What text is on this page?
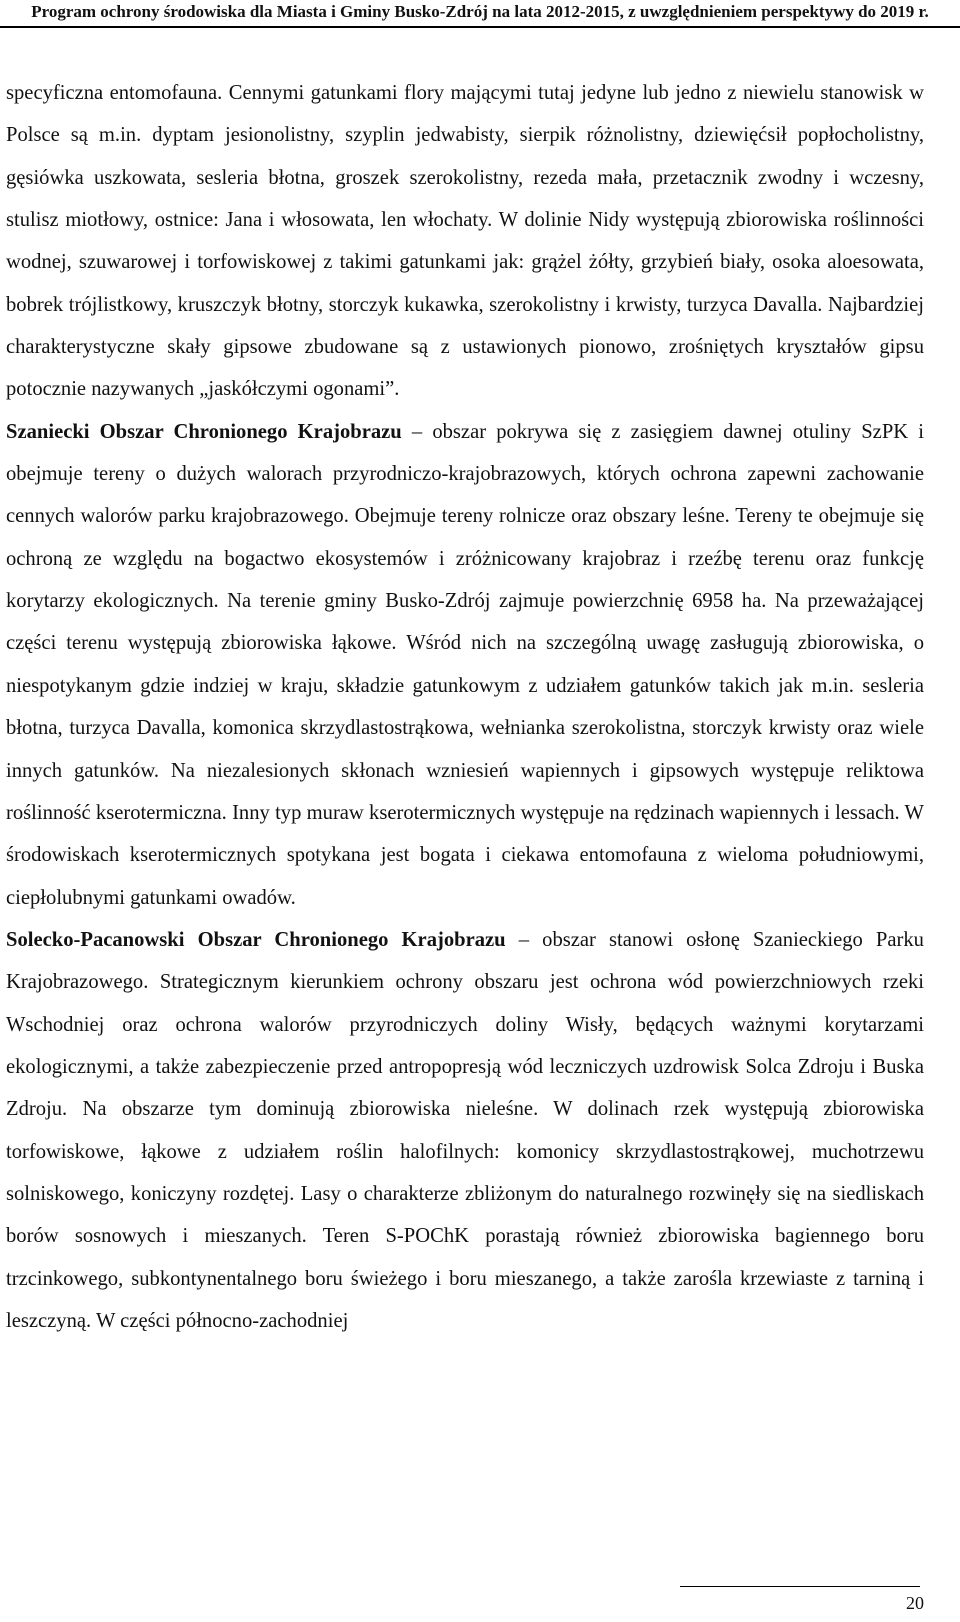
Program ochrony środowiska dla Miasta i Gminy Busko-Zdrój na lata 2012-2015, z uwzględnieniem perspektywy do 2019 r.

specyficzna entomofauna. Cennymi gatunkami flory mającymi tutaj jedyne lub jedno z niewielu stanowisk w Polsce są m.in. dyptam jesionolistny, szyplin jedwabisty, sierpik różnolistny, dziewięćsił popłocholistny, gęsiówka uszkowata, sesleria błotna, groszek szerokolistny, rezeda mała, przetacznik zwodny i wczesny, stulisz miotłowy, ostnice: Jana i włosowata, len włochaty. W dolinie Nidy występują zbiorowiska roślinności wodnej, szuwarowej i torfowiskowej z takimi gatunkami jak: grążel żółty, grzybień biały, osoka aloesowata, bobrek trójlistkowy, kruszczyk błotny, storczyk kukawka, szerokolistny i krwisty, turzyca Davalla. Najbardziej charakterystyczne skały gipsowe zbudowane są z ustawionych pionowo, zrośniętych kryształów gipsu potocznie nazywanych „jaskółczymi ogonami”.

Szaniecki Obszar Chronionego Krajobrazu – obszar pokrywa się z zasięgiem dawnej otuliny SzPK i obejmuje tereny o dużych walorach przyrodniczo-krajobrazowych, których ochrona zapewni zachowanie cennych walorów parku krajobrazowego. Obejmuje tereny rolnicze oraz obszary leśne. Tereny te obejmuje się ochroną ze względu na bogactwo ekosystemów i zróżnicowany krajobraz i rzeźbę terenu oraz funkcję korytarzy ekologicznych. Na terenie gminy Busko-Zdrój zajmuje powierzchnię 6958 ha. Na przeważającej części terenu występują zbiorowiska łąkowe. Wśród nich na szczególną uwagę zasługują zbiorowiska, o niespotykanym gdzie indziej w kraju, składzie gatunkowym z udziałem gatunków takich jak m.in. sesleria błotna, turzyca Davalla, komonica skrzydlastostrąkowa, wełnianka szerokolistna, storczyk krwisty oraz wiele innych gatunków. Na niezalesionych skłonach wzniesień wapiennych i gipsowych występuje reliktowa roślinność kserotermiczna. Inny typ muraw kserotermicznych występuje na rędzinach wapiennych i lessach. W środowiskach kserotermicznych spotykana jest bogata i ciekawa entomofauna z wieloma południowymi, ciepłolubnymi gatunkami owadów.

Solecko-Pacanowski Obszar Chronionego Krajobrazu – obszar stanowi osłonę Szanieckiego Parku Krajobrazowego. Strategicznym kierunkiem ochrony obszaru jest ochrona wód powierzchniowych rzeki Wschodniej oraz ochrona walorów przyrodniczych doliny Wisły, będących ważnymi korytarzami ekologicznymi, a także zabezpieczenie przed antropopresją wód leczniczych uzdrowisk Solca Zdroju i Buska Zdroju. Na obszarze tym dominują zbiorowiska nieleśne. W dolinach rzek występują zbiorowiska torfowiskowe, łąkowe z udziałem roślin halofilnych: komonicy skrzydlastostrąkowej, muchotrzewu solniskowego, koniczyny rozdętej. Lasy o charakterze zbliżonym do naturalnego rozwinęły się na siedliskach borów sosnowych i mieszanych. Teren S-POChK porastają również zbiorowiska bagiennego boru trzcinkowego, subkontynentalnego boru świeżego i boru mieszanego, a także zarośla krzewiaste z tarniną i leszczyną. W części północno-zachodniej

20
